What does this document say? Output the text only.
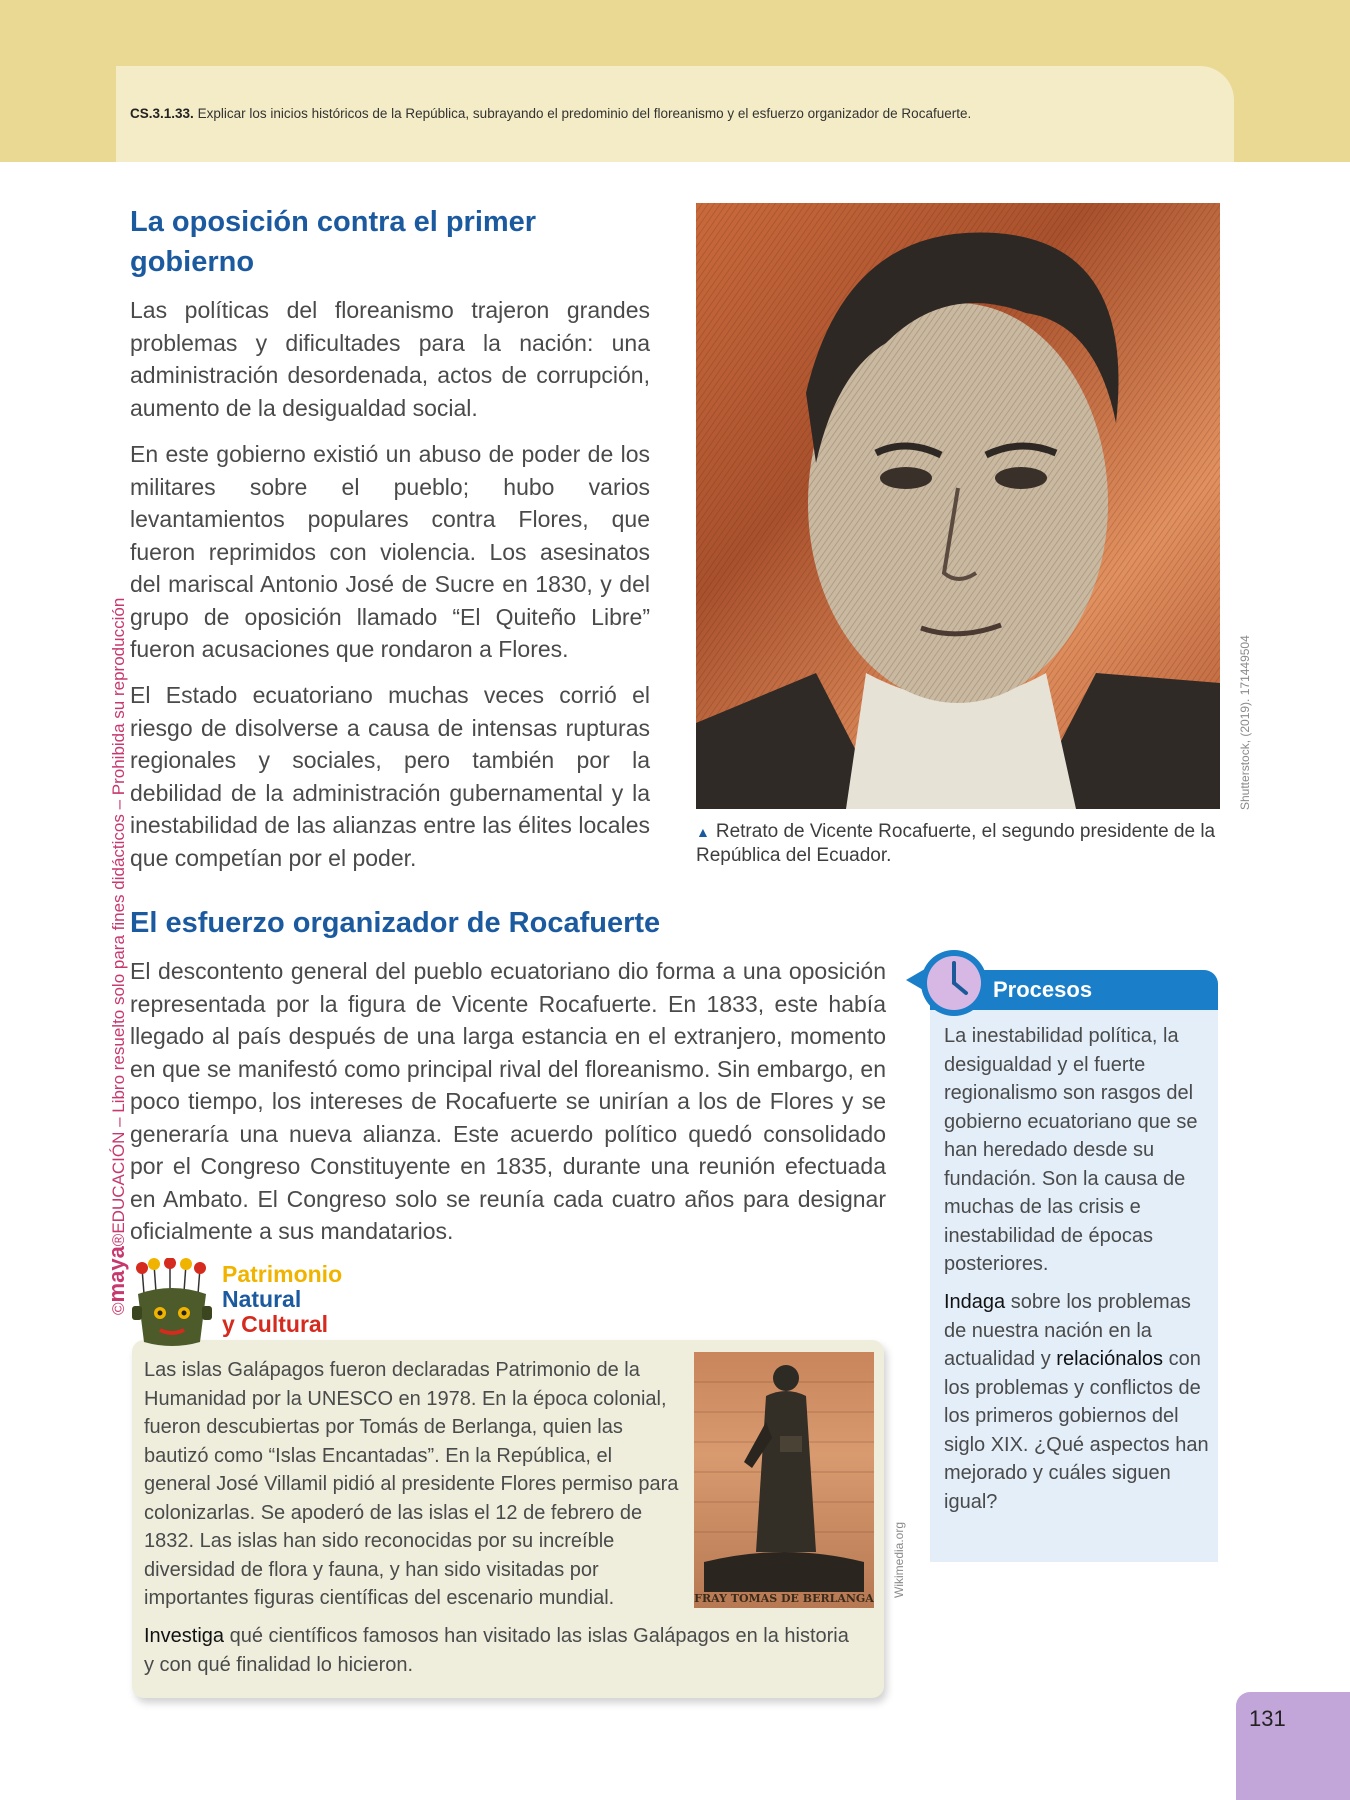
CS.3.1.33. Explicar los inicios históricos de la República, subrayando el predominio del floreanismo y el esfuerzo organizador de Rocafuerte.
©maya®EDUCACIÓN – Libro resuelto solo para fines didácticos – Prohibida su reproducción
La oposición contra el primer gobierno

Las políticas del floreanismo trajeron grandes problemas y dificultades para la nación: una administración desordenada, actos de corrupción, aumento de la desigualdad social.

En este gobierno existió un abuso de poder de los militares sobre el pueblo; hubo varios levantamientos populares contra Flores, que fueron reprimidos con violencia. Los asesinatos del mariscal Antonio José de Sucre en 1830, y del grupo de oposición llamado “El Quiteño Libre” fueron acusaciones que rondaron a Flores.

El Estado ecuatoriano muchas veces corrió el riesgo de disolverse a causa de intensas rupturas regionales y sociales, pero también por la debilidad de la administración gubernamental y la inestabilidad de las alianzas entre las élites locales que competían por el poder.

Shutterstock, (2019). 171449504
▲ Retrato de Vicente Rocafuerte, el segundo presidente de la República del Ecuador.
El esfuerzo organizador de Rocafuerte

El descontento general del pueblo ecuatoriano dio forma a una oposición representada por la figura de Vicente Rocafuerte. En 1833, este había llegado al país después de una larga estancia en el extranjero, momento en que se manifestó como principal rival del floreanismo. Sin embargo, en poco tiempo, los intereses de Rocafuerte se unirían a los de Flores y se generaría una nueva alianza. Este acuerdo político quedó consolidado por el Congreso Constituyente en 1835, durante una reunión efectuada en Ambato. El Congreso solo se reunía cada cuatro años para designar oficialmente a sus mandatarios.

Procesos

La inestabilidad política, la desigualdad y el fuerte regionalismo son rasgos del gobierno ecuatoriano que se han heredado desde su fundación. Son la causa de muchas de las crisis e inestabilidad de épocas posteriores.

Indaga sobre los problemas de nuestra nación en la actualidad y relaciónalos con los problemas y conflictos de los primeros gobiernos del siglo XIX. ¿Qué aspectos han mejorado y cuáles siguen igual?

Patrimonio
Natural
y Cultural

Las islas Galápagos fueron declaradas Patrimonio de la Humanidad por la UNESCO en 1978. En la época colonial, fueron descubiertas por Tomás de Berlanga, quien las bautizó como “Islas Encantadas”. En la República, el general José Villamil pidió al presidente Flores permiso para colonizarlas. Se apoderó de las islas el 12 de febrero de 1832. Las islas han sido reconocidas por su increíble diversidad de flora y fauna, y han sido visitadas por importantes figuras científicas del escenario mundial.	FRAY TOMAS DE BERLANGA
Wikimedia.org

Investiga qué científicos famosos han visitado las islas Galápagos en la historia y con qué finalidad lo hicieron.

131
